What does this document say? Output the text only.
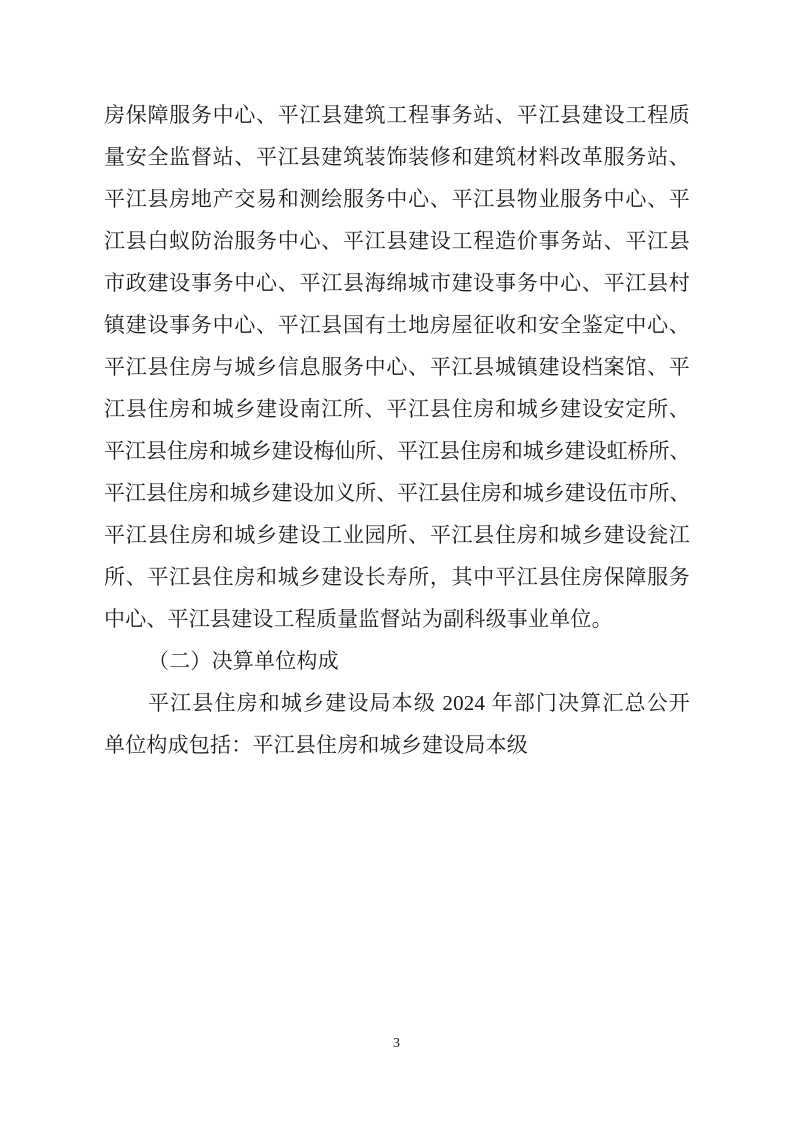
房保障服务中心、平江县建筑工程事务站、平江县建设工程质
量安全监督站、平江县建筑装饰装修和建筑材料改革服务站、
平江县房地产交易和测绘服务中心、平江县物业服务中心、平
江县白蚁防治服务中心、平江县建设工程造价事务站、平江县
市政建设事务中心、平江县海绵城市建设事务中心、平江县村
镇建设事务中心、平江县国有土地房屋征收和安全鉴定中心、
平江县住房与城乡信息服务中心、平江县城镇建设档案馆、平
江县住房和城乡建设南江所、平江县住房和城乡建设安定所、
平江县住房和城乡建设梅仙所、平江县住房和城乡建设虹桥所、
平江县住房和城乡建设加义所、平江县住房和城乡建设伍市所、
平江县住房和城乡建设工业园所、平江县住房和城乡建设瓮江
所、平江县住房和城乡建设长寿所，其中平江县住房保障服务
中心、平江县建设工程质量监督站为副科级事业单位。
（二）决算单位构成
平江县住房和城乡建设局本级 2024 年部门决算汇总公开
单位构成包括：平江县住房和城乡建设局本级
3
